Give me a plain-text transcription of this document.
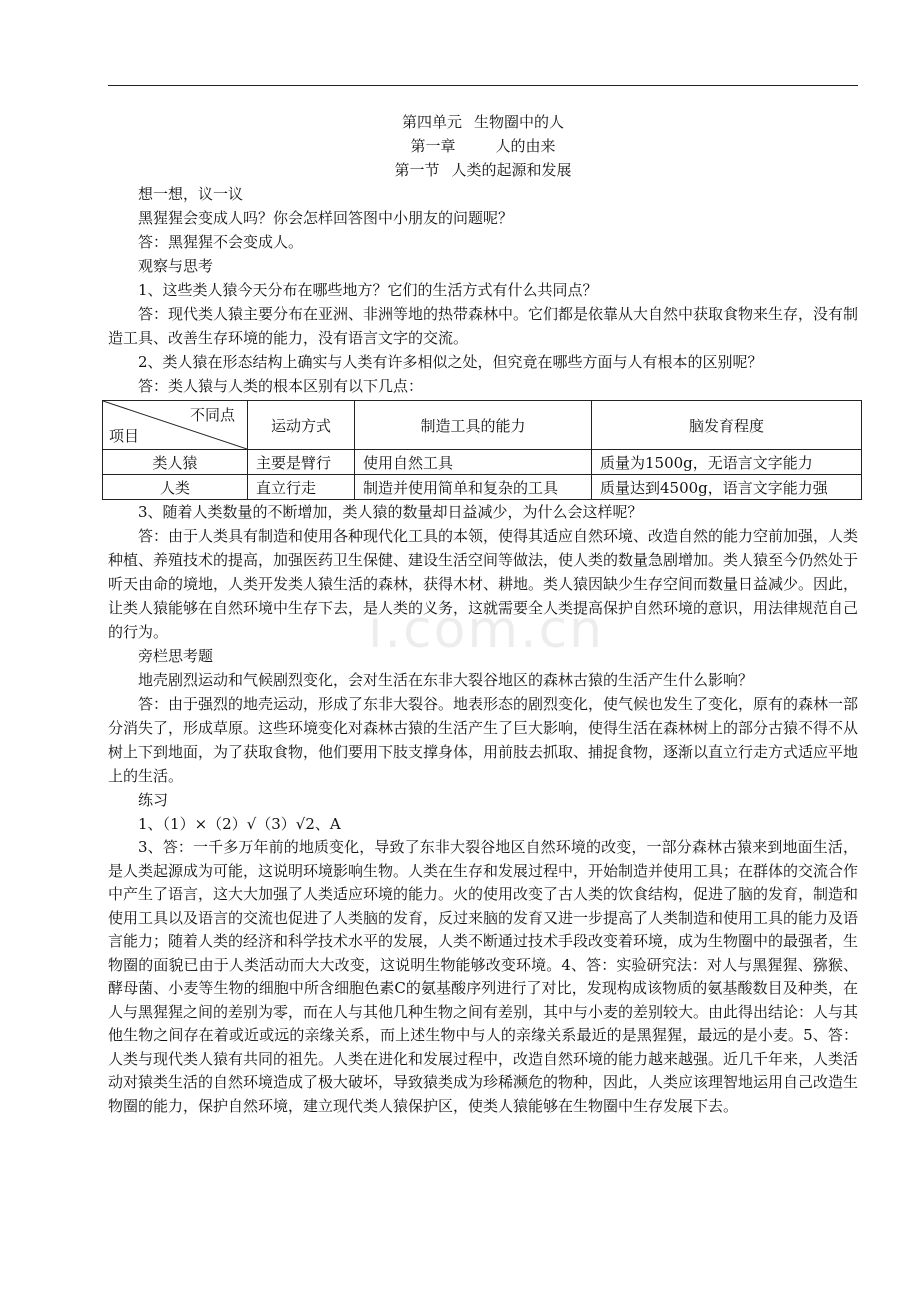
i.com.cn
第四单元 生物圈中的人
第一章	人的由来
第一节 人类的起源和发展

想一想，议一议

黑猩猩会变成人吗？你会怎样回答图中小朋友的问题呢？

答：黑猩猩不会变成人。

观察与思考

1、这些类人猿今天分布在哪些地方？它们的生活方式有什么共同点？

答：现代类人猿主要分布在亚洲、非洲等地的热带森林中。它们都是依靠从大自然中获取食物来生存，没有制造工具、改善生存环境的能力，没有语言文字的交流。

2、类人猿在形态结构上确实与人类有许多相似之处，但究竟在哪些方面与人有根本的区别呢？

答：类人猿与人类的根本区别有以下几点：

不同点
项目	运动方式	制造工具的能力	脑发育程度
类人猿	主要是臂行	使用自然工具	质量为1500g，无语言文字能力
人类	直立行走	制造并使用简单和复杂的工具	质量达到4500g，语言文字能力强

3、随着人类数量的不断增加，类人猿的数量却日益减少，为什么会这样呢？

答：由于人类具有制造和使用各种现代化工具的本领，使得其适应自然环境、改造自然的能力空前加强，人类种植、养殖技术的提高，加强医药卫生保健、建设生活空间等做法，使人类的数量急剧增加。类人猿至今仍然处于听天由命的境地，人类开发类人猿生活的森林，获得木材、耕地。类人猿因缺少生存空间而数量日益减少。因此，让类人猿能够在自然环境中生存下去，是人类的义务，这就需要全人类提高保护自然环境的意识，用法律规范自己的行为。

旁栏思考题

地壳剧烈运动和气候剧烈变化，会对生活在东非大裂谷地区的森林古猿的生活产生什么影响？

答：由于强烈的地壳运动，形成了东非大裂谷。地表形态的剧烈变化，使气候也发生了变化，原有的森林一部分消失了，形成草原。这些环境变化对森林古猿的生活产生了巨大影响，使得生活在森林树上的部分古猿不得不从树上下到地面，为了获取食物，他们要用下肢支撑身体，用前肢去抓取、捕捉食物，逐渐以直立行走方式适应平地上的生活。

练习

1、（1）×（2）√（3）√2、A

3、答：一千多万年前的地质变化，导致了东非大裂谷地区自然环境的改变，一部分森林古猿来到地面生活，是人类起源成为可能，这说明环境影响生物。人类在生存和发展过程中，开始制造并使用工具；在群体的交流合作中产生了语言，这大大加强了人类适应环境的能力。火的使用改变了古人类的饮食结构，促进了脑的发育，制造和使用工具以及语言的交流也促进了人类脑的发育，反过来脑的发育又进一步提高了人类制造和使用工具的能力及语言能力；随着人类的经济和科学技术水平的发展，人类不断通过技术手段改变着环境，成为生物圈中的最强者，生物圈的面貌已由于人类活动而大大改变，这说明生物能够改变环境。4、答：实验研究法：对人与黑猩猩、猕猴、酵母菌、小麦等生物的细胞中所含细胞色素C的氨基酸序列进行了对比，发现构成该物质的氨基酸数目及种类，在人与黑猩猩之间的差别为零，而在人与其他几种生物之间有差别，其中与小麦的差别较大。由此得出结论：人与其他生物之间存在着或近或远的亲缘关系，而上述生物中与人的亲缘关系最近的是黑猩猩，最远的是小麦。5、答：人类与现代类人猿有共同的祖先。人类在进化和发展过程中，改造自然环境的能力越来越强。近几千年来，人类活动对猿类生活的自然环境造成了极大破坏，导致猿类成为珍稀濒危的物种，因此，人类应该理智地运用自己改造生物圈的能力，保护自然环境，建立现代类人猿保护区，使类人猿能够在生物圈中生存发展下去。
